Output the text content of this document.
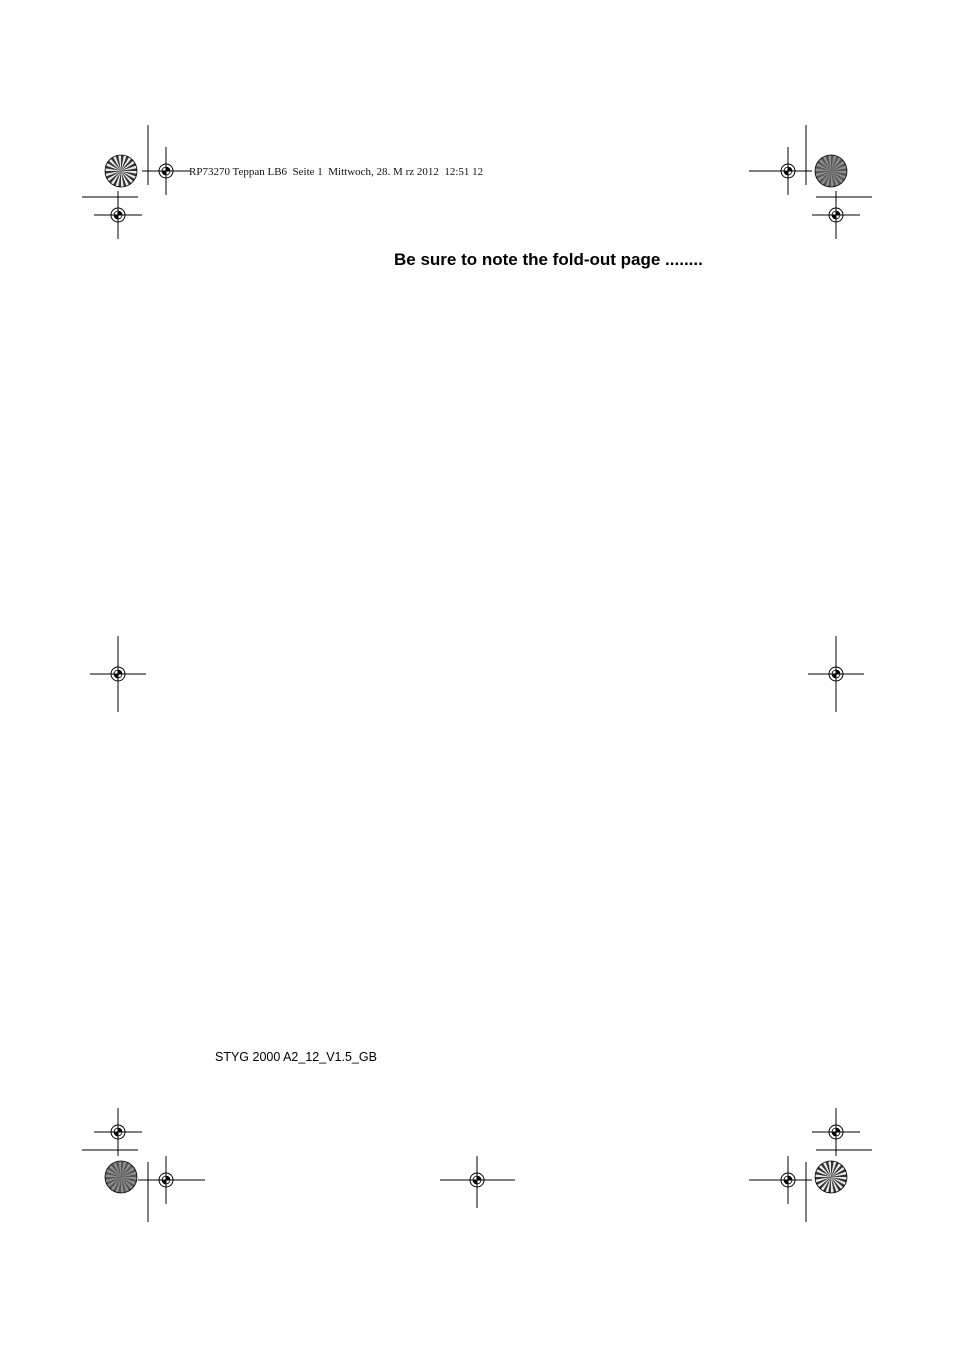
RP73270 Teppan LB6  Seite 1  Mittwoch, 28. M rz 2012  12:51 12
Be sure to note the fold-out page ........
STYG 2000 A2_12_V1.5_GB
